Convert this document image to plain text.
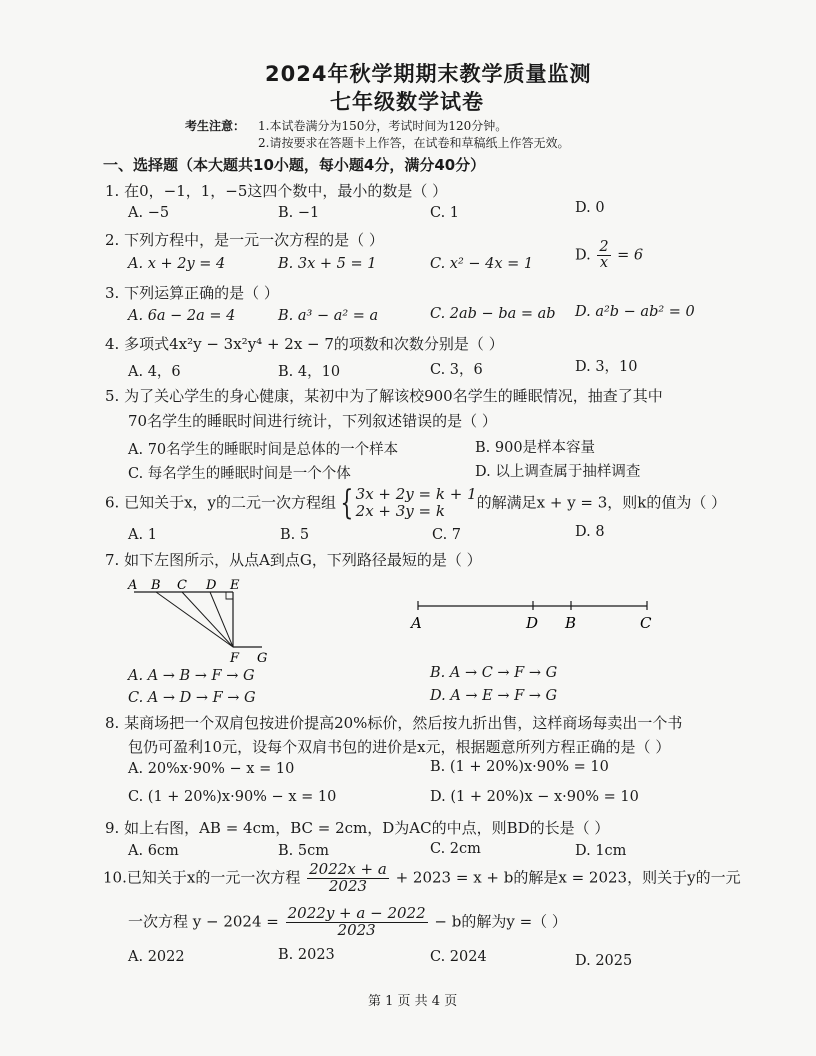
2024年秋学期期末教学质量监测
七年级数学试卷
考生注意： 1.本试卷满分为150分，考试时间为120分钟。
2.请按要求在答题卡上作答，在试卷和草稿纸上作答无效。
一、选择题（本大题共10小题，每小题4分，满分40分）
1. 在0，−1，1，−5这四个数中，最小的数是（ ）
A. −5	B. −1	C. 1	D. 0
2. 下列方程中，是一元一次方程的是（ ）
A. x + 2y = 4	B. 3x + 5 = 1	C. x² − 4x = 1
D. $\frac{2}{x} = 6$
3. 下列运算正确的是（ ）
A. 6a − 2a = 4	B. a³ − a² = a	C. 2ab − ba = ab D. a²b − ab² = 0
4. 多项式4x²y − 3x²y⁴ + 2x − 7的项数和次数分别是（ ）
A. 4，6	B. 4，10	C. 3，6	D. 3，10
5. 为了关心学生的身心健康，某初中为了解该校900名学生的睡眠情况，抽查了其中
70名学生的睡眠时间进行统计，下列叙述错误的是（ ）
A. 70名学生的睡眠时间是总体的一个样本	B. 900是样本容量
C. 每名学生的睡眠时间是一个个体	D. 以上调查属于抽样调查
6. 已知关于x，y的二元一次方程组 { 3x + 2y = k + 1
2x + 3y = k	的解满足x + y = 3，则k的值为（ ）
A. 1	B. 5	C. 7	D. 8
7. 如下左图所示，从点A到点G，下列路径最短的是（ ）
A B C D E
F G
A	D B	C
A. A → B → F → G	B. A → C → F → G
C. A → D → F → G	D. A → E → F → G
8. 某商场把一个双肩包按进价提高20%标价，然后按九折出售，这样商场每卖出一个书
包仍可盈利10元，设每个双肩书包的进价是x元，根据题意所列方程正确的是（ ）
A. 20%x·90% − x = 10	B. (1 + 20%)x·90% = 10
C. (1 + 20%)x·90% − x = 10	D. (1 + 20%)x − x·90% = 10
9. 如上右图，AB = 4cm，BC = 2cm，D为AC的中点，则BD的长是（ ）
A. 6cm	B. 5cm	C. 2cm	D. 1cm
10.已知关于x的一元一次方程 $\frac{2022x + a}{2023} + 2023 = x + b$的解是x = 2023，则关于y的一元
一次方程 $y - 2024 = \frac{2022y + a - 2022}{2023} - b$的解为y =（ ）
A. 2022	B. 2023	C. 2024	D. 2025
第 1 页 共 4 页
